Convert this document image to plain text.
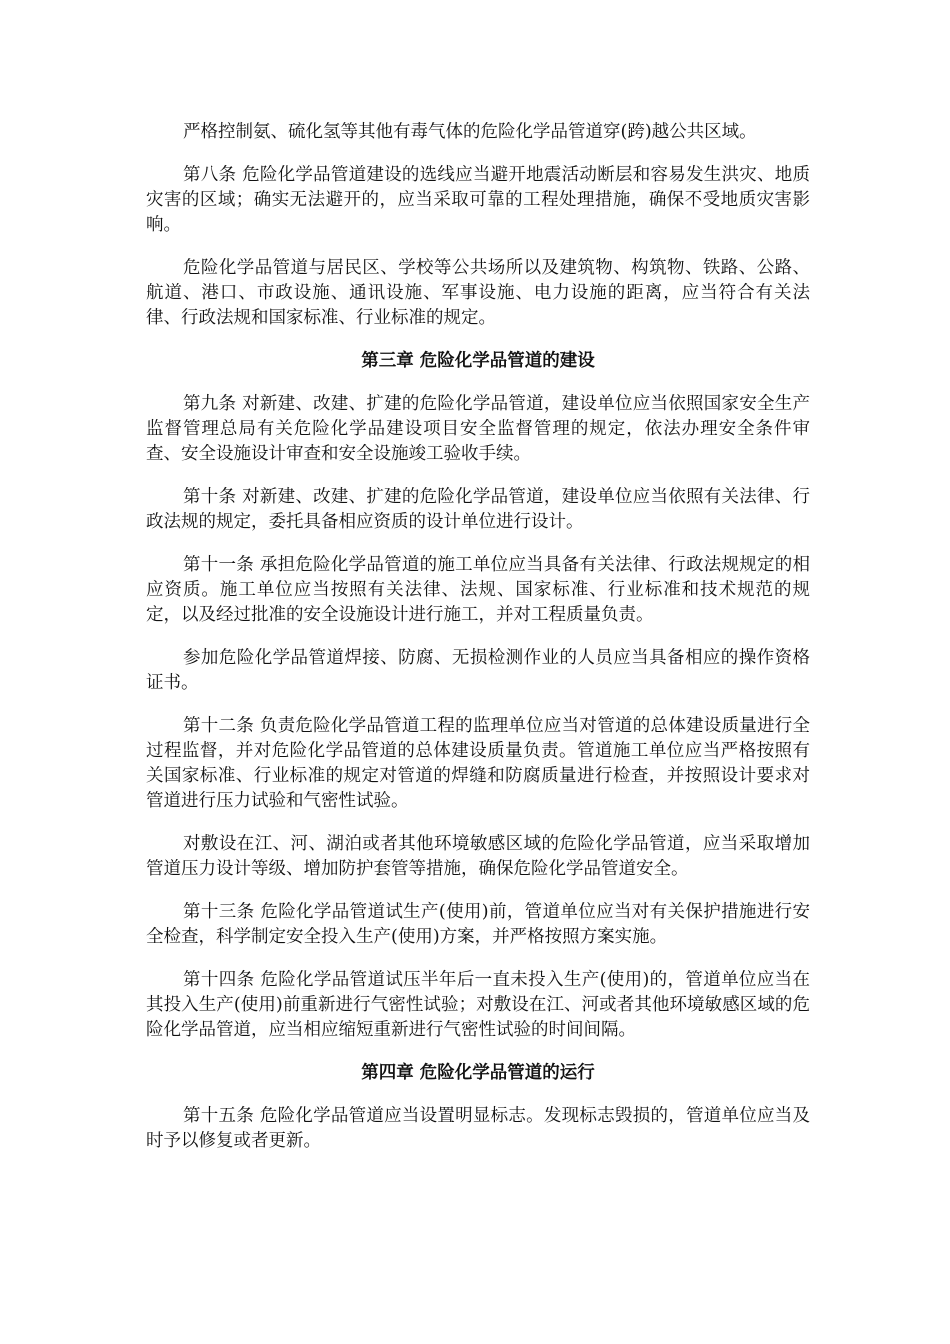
严格控制氨、硫化氢等其他有毒气体的危险化学品管道穿(跨)越公共区域。

第八条 危险化学品管道建设的选线应当避开地震活动断层和容易发生洪灾、地质灾害的区域；确实无法避开的，应当采取可靠的工程处理措施，确保不受地质灾害影响。

危险化学品管道与居民区、学校等公共场所以及建筑物、构筑物、铁路、公路、航道、港口、市政设施、通讯设施、军事设施、电力设施的距离，应当符合有关法律、行政法规和国家标准、行业标准的规定。

第三章 危险化学品管道的建设

第九条 对新建、改建、扩建的危险化学品管道，建设单位应当依照国家安全生产监督管理总局有关危险化学品建设项目安全监督管理的规定，依法办理安全条件审查、安全设施设计审查和安全设施竣工验收手续。

第十条 对新建、改建、扩建的危险化学品管道，建设单位应当依照有关法律、行政法规的规定，委托具备相应资质的设计单位进行设计。

第十一条 承担危险化学品管道的施工单位应当具备有关法律、行政法规规定的相应资质。施工单位应当按照有关法律、法规、国家标准、行业标准和技术规范的规定，以及经过批准的安全设施设计进行施工，并对工程质量负责。

参加危险化学品管道焊接、防腐、无损检测作业的人员应当具备相应的操作资格证书。

第十二条 负责危险化学品管道工程的监理单位应当对管道的总体建设质量进行全过程监督，并对危险化学品管道的总体建设质量负责。管道施工单位应当严格按照有关国家标准、行业标准的规定对管道的焊缝和防腐质量进行检查，并按照设计要求对管道进行压力试验和气密性试验。

对敷设在江、河、湖泊或者其他环境敏感区域的危险化学品管道，应当采取增加管道压力设计等级、增加防护套管等措施，确保危险化学品管道安全。

第十三条 危险化学品管道试生产(使用)前，管道单位应当对有关保护措施进行安全检查，科学制定安全投入生产(使用)方案，并严格按照方案实施。

第十四条 危险化学品管道试压半年后一直未投入生产(使用)的，管道单位应当在其投入生产(使用)前重新进行气密性试验；对敷设在江、河或者其他环境敏感区域的危险化学品管道，应当相应缩短重新进行气密性试验的时间间隔。

第四章 危险化学品管道的运行

第十五条 危险化学品管道应当设置明显标志。发现标志毁损的，管道单位应当及时予以修复或者更新。
